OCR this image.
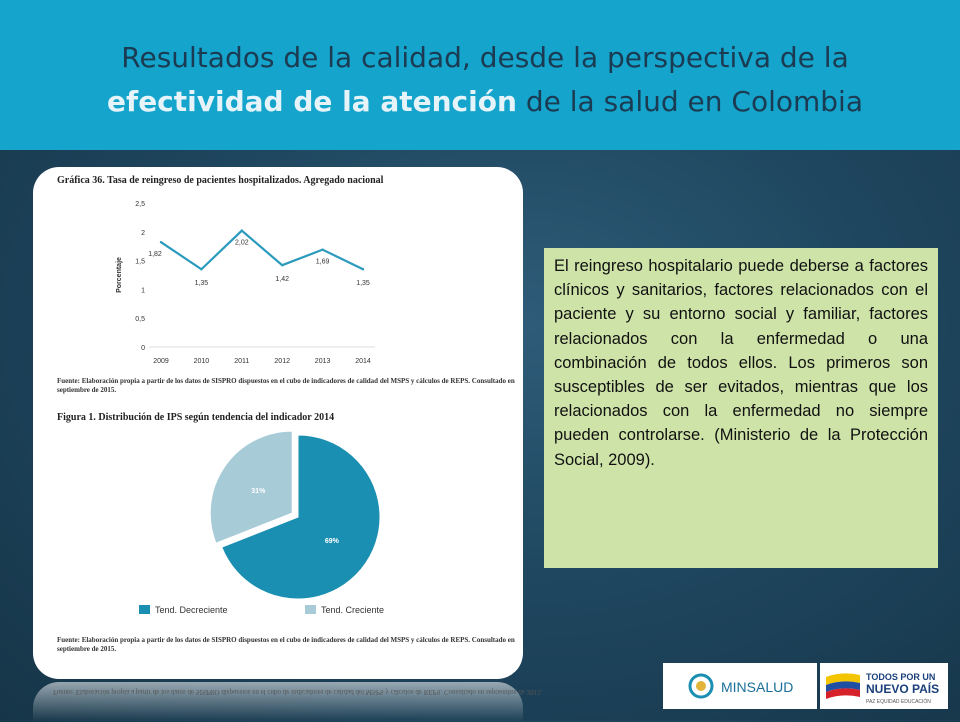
Resultados de la calidad, desde la perspectiva de la
efectividad de la atención de la salud en Colombia
Gráfica 36. Tasa de reingreso de pacientes hospitalizados. Agregado nacional
0
0,5
1
1,5
2
2,5
Porcentaje
1,82
2009
1,35
2010
2,02
2011
1,42
2012
1,69
2013
1,35
2014
Fuente: Elaboración propia a partir de los datos de SISPRO dispuestos en el cubo de indicadores de calidad del MSPS y cálculos de REPS. Consultado en septiembre de 2015.
Figura 1. Distribución de IPS según tendencia del indicador 2014
69%
31%
Tend. Decreciente	Tend. Creciente
Fuente: Elaboración propia a partir de los datos de SISPRO dispuestos en el cubo de indicadores de calidad del MSPS y cálculos de REPS. Consultado en septiembre de 2015.
Fuente: Elaboración propia a partir de los datos de SISPRO dispuestos en el cubo de indicadores de calidad del MSPS y cálculos de REPS. Consultado en septiembre de 2015.
El reingreso hospitalario puede deberse a factores clínicos y sanitarios, factores relacionados con el paciente y su entorno social y familiar, factores relacionados con la enfermedad o una combinación de todos ellos. Los primeros son susceptibles de ser evitados, mientras que los relacionados con la enfermedad no siempre pueden controlarse. (Ministerio de la Protección Social, 2009).
MINSALUD
TODOS POR UN
NUEVO PAÍS
PAZ EQUIDAD EDUCACIÓN
